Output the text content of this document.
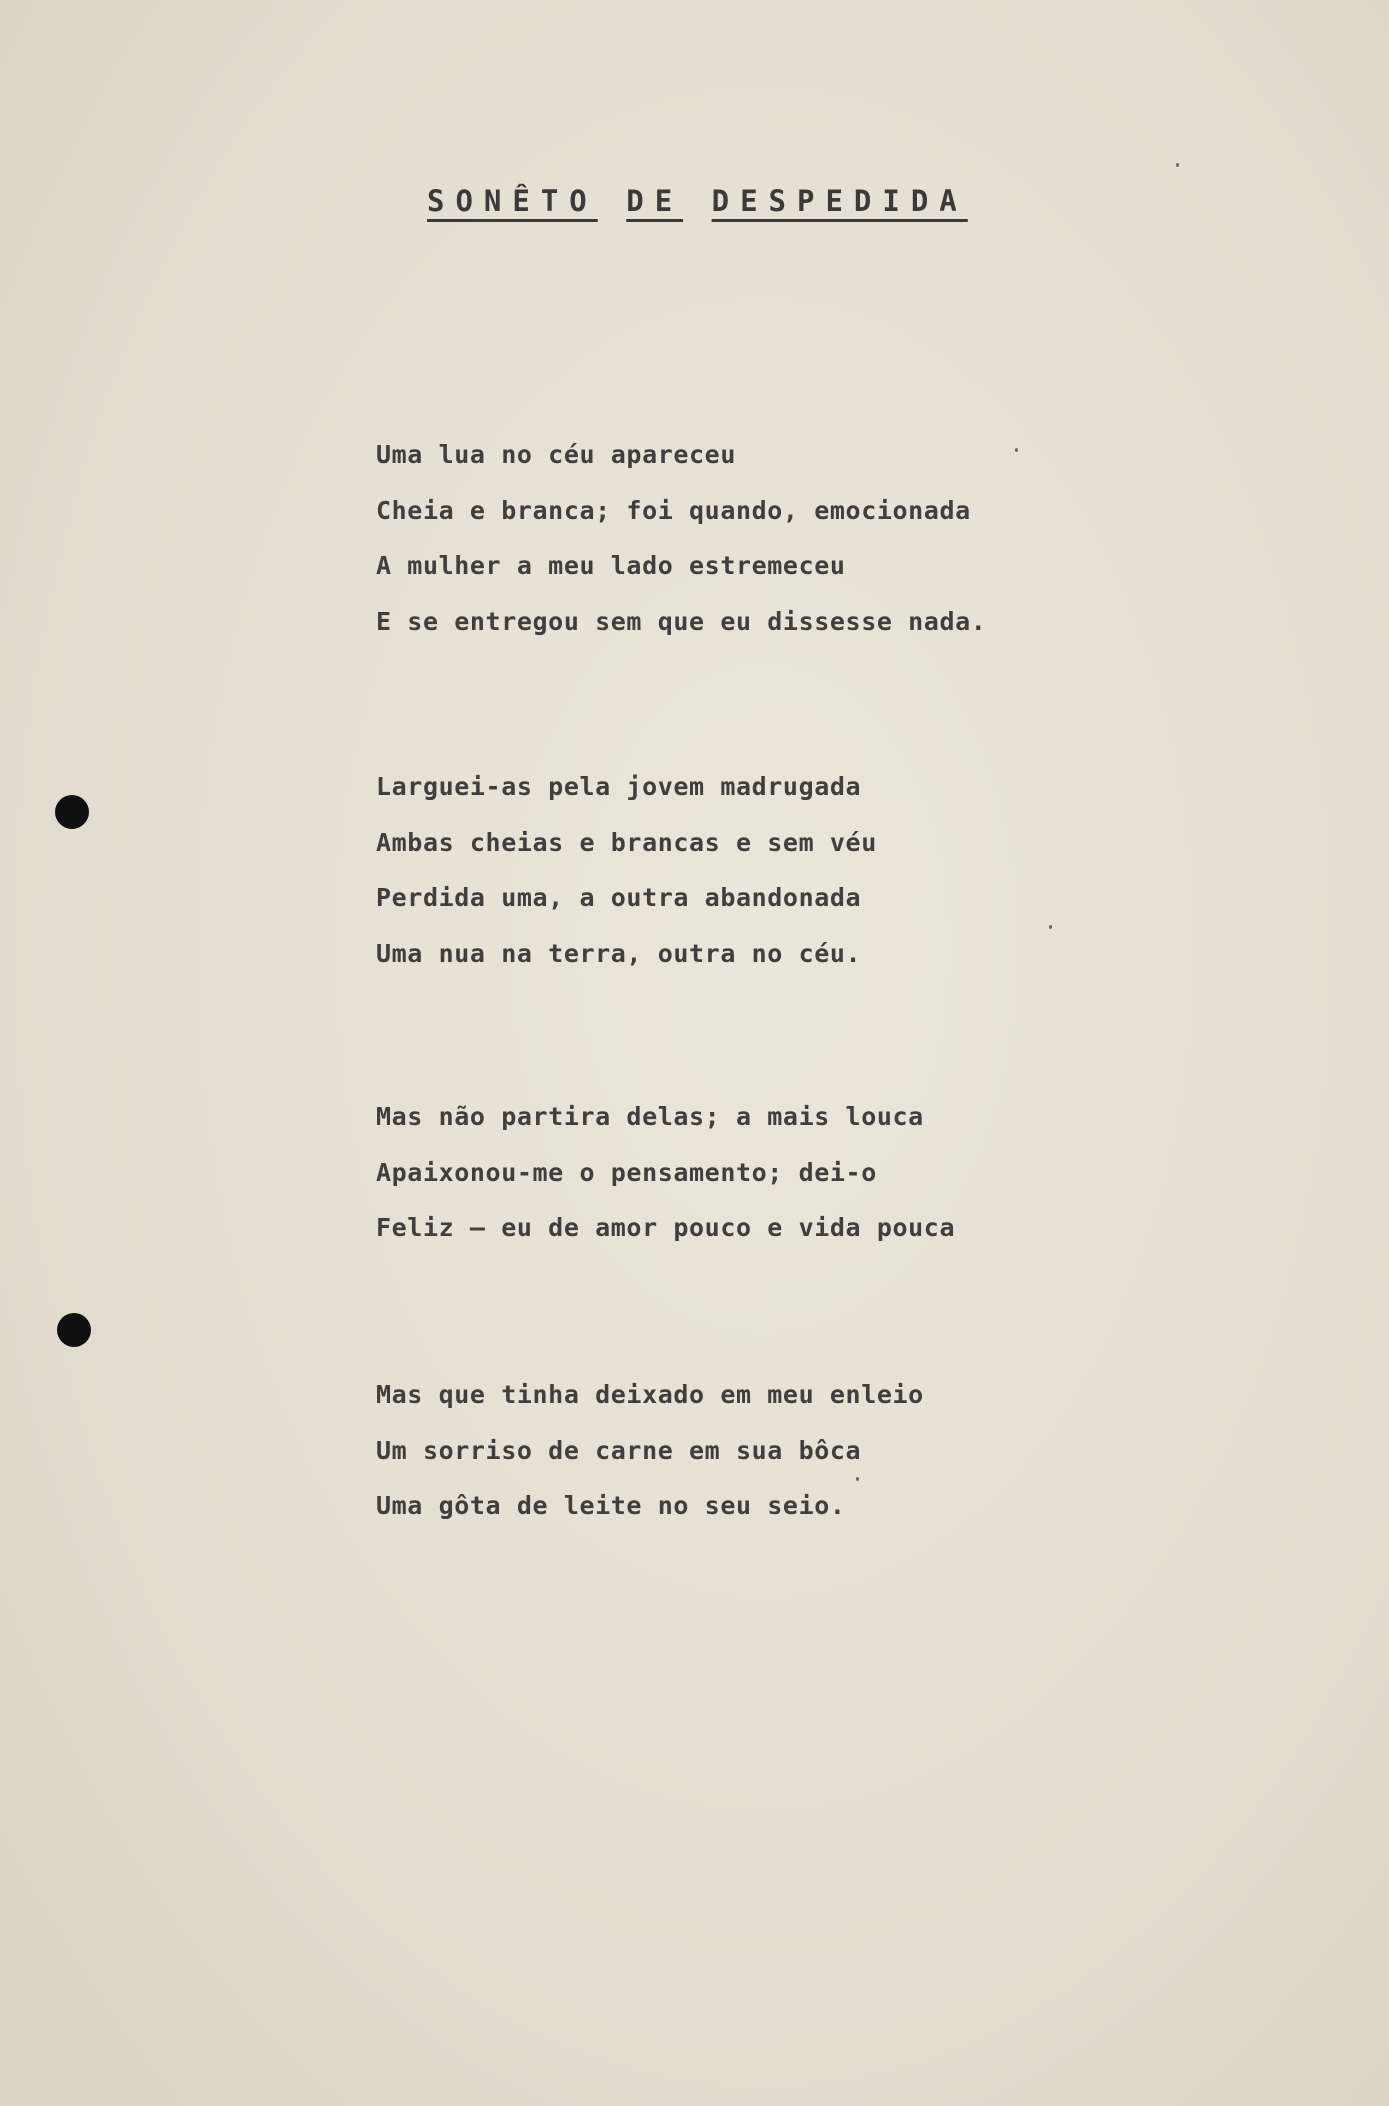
SONÊTO DE DESPEDIDA
Uma lua no céu apareceu
Cheia e branca; foi quando, emocionada
A mulher a meu lado estremeceu
E se entregou sem que eu dissesse nada.
Larguei-as pela jovem madrugada
Ambas cheias e brancas e sem véu
Perdida uma, a outra abandonada
Uma nua na terra, outra no céu.
Mas não partira delas; a mais louca
Apaixonou-me o pensamento; dei-o
Feliz — eu de amor pouco e vida pouca
Mas que tinha deixado em meu enleio
Um sorriso de carne em sua bôca
Uma gôta de leite no seu seio.
